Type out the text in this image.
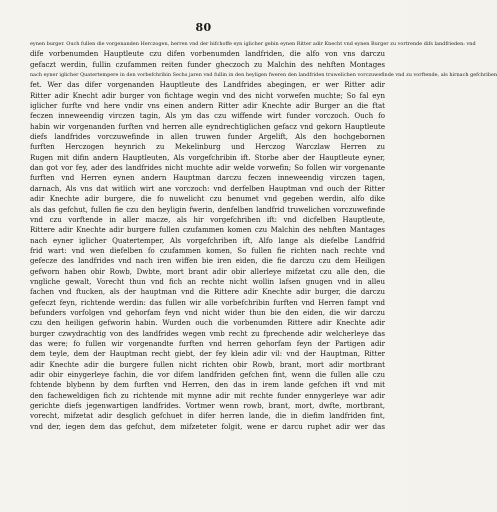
80
eynen burger. Ouch fullen die vorgenanden Herczogen, herren vnd der bifchoffe eyn iglicher gebin eynen Ritter adir Knecht vnd eynen Burger zu vortrende difs landfrieden: vnd
dife vorbenumden Hauptleute czu difen vorbenumden landfriden, die alfo von vns darczu
gefaczt werdin, fullin czufammen reiten funder gheczoch zu Malchin des nehften Montages
nach eyner iglicher Quatertempere in den vorbefchribin Sechs jaren vnd fullin in den heyligen fweren den landfriden truwelichen vorczuwefinde vnd zu vorftende, als hirnach gefchriben
fet. Wer das difer vorgenanden Hauptleute des Landfrides abegingen, er wer Ritter adir
Ritter adir Knecht adir burger von fichtage wegin vnd des nicht vorwefen muchte; So fal eyn
iglicher furfte vnd here vndir vns einen andern Ritter adir Knechte adir Burger an die ftat
feczen inneweendig virczen tagin, Als ym das czu wiffende wirt funder vorczoch. Ouch fo
habin wir vorgenanden furften vnd herren alle eyndrechtiglichen gefacz vnd gekorn Hauptleute
diefs landfrides vorczuwefinde in allen truwen funder Argelift, Als den hochgebornen
furften Herczogen heynrich zu Mekelinburg und Herczog Warczlaw Herren zu
Rugen mit difin andern Hauptleuten, Als vorgefchribin ift. Storbe aber der Hauptleute eyner,
dan got vor fey, ader des landfrides nicht muchte adir welde vorwefin; So follen wir vorgenante
furften vnd Herren eynen andern Hauptman darczu feczen inneweendig virczen tagen,
darnach, Als vns dat witlich wirt ane vorczoch: vnd derfelben Hauptman vnd ouch der Ritter
adir Knechte adir burgere, die fo nuwelicht czu benumet vnd gegeben werdin, alfo dike
als das gefchut, fullen fie czu den heyligin fwerin, denfelben landfrid truwelichen vorczuwefinde
vnd czu vorftende in aller macze, als hir vorgefchriben ift: vnd dicfelben Hauptleute,
Rittere adir Knechte adir burgere fullen czufammen komen czu Malchin des nehften Mantages
nach eyner iglicher Quatertemper, Als vorgefchriben ift, Alfo lange als diefelbe Landfrid
frid wart: vnd wen diefelben fo czufammen komen, So fullen fie richten nach rechte vnd
gefecze des landfrides vnd nach iren wiffen bie iren eiden, die fie darczu czu dem Heiligen
gefworn haben obir Rowb, Dwbte, mort brant adir obir allerleye mifzetat czu alle den, die
vngliche gewalt, Vorecht thun vnd fich an rechte nicht wollin lafsen gnugen vnd in alleu
fachen vnd ftucken, als der hauptman vnd die Rittere adir Knechte adir burger, die darczu
gefeczt feyn, richtende werdin: das fullen wir alle vorbefchribin furften vnd Herren fampt vnd
befunders vorfolgen vnd gehorfam feyn vnd nicht wider thun bie den eiden, die wir darczu
czu den heiligen gefworin habin. Wurden ouch die vorbenumden Rittere adir Knechte adir
burger czwydrachtig von des landfrides wegen vmb recht zu fprechende adir welcherleye das
das were; fo fullen wir vorgenandte furften vnd herren gehorfam feyn der Partigen adir
dem teyle, dem der Hauptman recht giebt, der fey klein adir vil: vnd der Hauptman, Ritter
adir Knechte adir die burgere fullen nicht richten obir Rowb, brant, mort adir mortbrant
adir obir einygerleye fachin, die vor difem landfriden gefchen fint, wenn die fullen alle czu
fchtende blybenn by dem furften vnd Herren, den das in irem lande gefchen ift vnd mit
den facheweldigen fich zu richtende mit mynne adir mit rechte funder ennygerleye war adir
gerichte diefs jegenwartigen landfrides. Vortmer wenn rowb, brant, mort, dwfte, mortbrant,
vorecht, mifzetat adir desglich gefchuet in difer herren lande, die in diefim landfriden fint,
vnd der, iegen dem das gefchut, dem mifzeteter folgit, wene er darcu ruphet adir wer das
